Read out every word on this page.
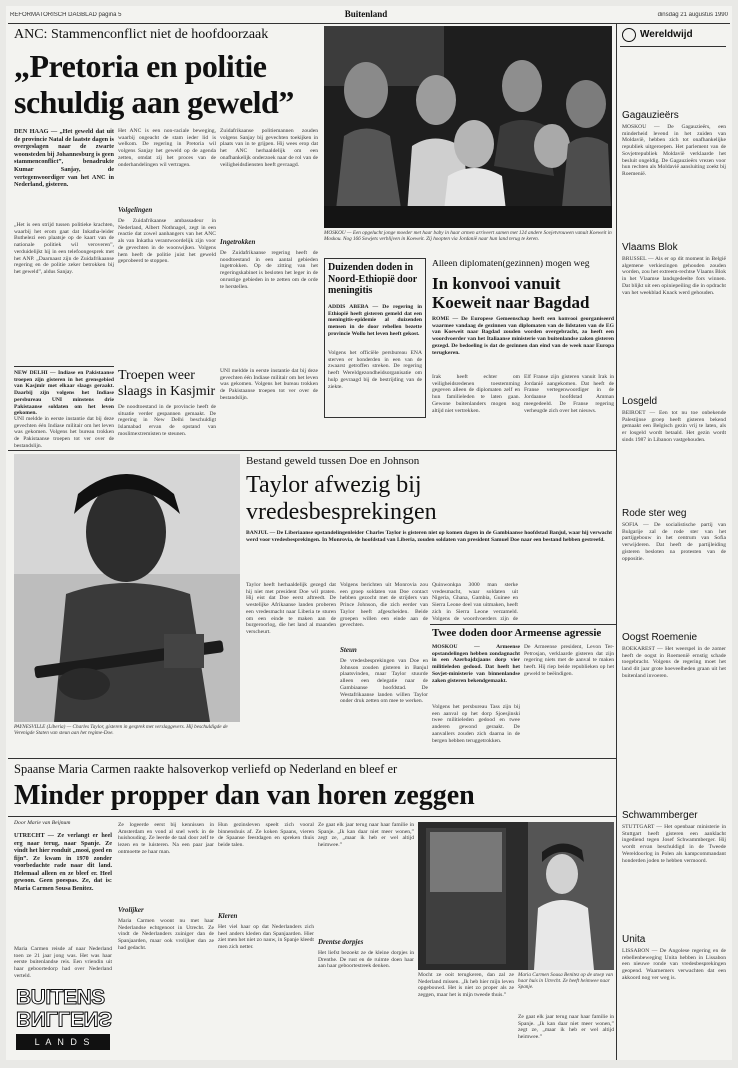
REFORMATORISCH DAGBLAD pagina 5	Buitenland	dinsdag 21 augustus 1990
ANC: Stammenconflict niet de hoofdoorzaak
„Pretoria en politie schuldig aan geweld”
DEN HAAG — „Het geweld dat uit de provincie Natal de laatste dagen is overgeslagen naar de zwarte woonsteden bij Johannesburg is geen stammenconflict”, benadrukte Kumar Sanjay, de vertegenwoordiger van het ANC in Nederland, gisteren.
„Het is een strijd tussen politieke krachten, waarbij het erom gaat dat Inkatha-leider Buthelezi een plaatsje op de kaart van de nationale politiek wil veroveren”, verduidelijkt hij in een telefoongesprek met het ANP. „Daarnaast zijn de Zuidafrikaanse regering en de politie zeker betrokken bij het geweld”, aldus Sanjay.
Het ANC is een non-raciale beweging, waarbij ongeacht de stam ieder lid is welkom. De regering in Pretoria wil volgens Sanjay het geweld op de agenda zetten, omdat zij het proces van de onderhandelingen wil vertragen.
Volgelingen
De Zuidafrikaanse ambassadeur in Nederland, Albert Nothnagel, zegt in een reactie dat zowel aanhangers van het ANC als van Inkatha verantwoordelijk zijn voor de gevechten in de woonwijken. Volgens hem heeft de politie juist het geweld geprobeerd te stoppen.
Zuidafrikaanse politiemannen zouden volgens Sanjay bij gevechten toekijken in plaats van in te grijpen. Hij wees erop dat het ANC herhaaldelijk om een onafhankelijk onderzoek naar de rol van de veiligheidsdiensten heeft gevraagd.
Ingetrokken
De Zuidafrikaanse regering heeft de noodtoestand in een aantal gebieden ingetrokken. Op de zitting van het regeringskabinet is besloten het leger in de onrustige gebieden in te zetten om de orde te herstellen.
NEW DELHI — Indiase en Pakistaanse troepen zijn gisteren in het grensgebied van Kasjmir met elkaar slaags geraakt. Daarbij zijn volgens het Indiase persbureau UNI minstens drie Pakistaanse soldaten om het leven gekomen.
UNI meldde in eerste instantie dat bij deze gevechten één Indiase militair om het leven was gekomen. Volgens het bureau trokken de Pakistaanse troepen tot ver over de bestandslijn.
Troepen weer slaags in Kasjmir
De noodtoestand in de provincie heeft de situatie verder gespannen gemaakt. De regering in New Delhi beschuldigt Islamabad ervan de opstand van moslimextremisten te steunen.
UNI meldde in eerste instantie dat bij deze gevechten één Indiase militair om het leven was gekomen. Volgens het bureau trokken de Pakistaanse troepen tot ver over de bestandslijn.
MOSKOU — Een opgelucht jonge moeder met haar baby in haar armen arriveert samen met 124 andere Sovjetvrouwen vanuit Koeweit in Moskou. Nog 166 Sowjets verblijven in Koeweit. Zij hoopten via Jordanië naar hun land terug te keren.
Duizenden doden in Noord-Ethiopië door meningitis
ADDIS ABEBA — De regering in Ethiopië heeft gisteren gemeld dat een meningitis-epidemie al duizenden mensen in de door rebellen bezette provincie Wollo het leven heeft gekost.
Volgens het officiële persbureau ENA sterven er honderden in een van de zwaarst getroffen streken. De regering heeft Wereldgezondheidsorganisatie om hulp gevraagd bij de bestrijding van de ziekte.
Alleen diplomaten(gezinnen) mogen weg
In konvooi vanuit Koeweit naar Bagdad
ROME — De Europese Gemeenschap heeft een konvooi georganiseerd waarmee vandaag de gezinnen van diplomaten van de lidstaten van de EG van Koeweit naar Bagdad zouden worden overgebracht, zo heeft een woordvoerder van het Italiaanse ministerie van buitenlandse zaken gisteren gezegd. De bedoeling is dat de gezinnen dan eind van de week naar Europa terugkeren.
Irak heeft echter om veiligheidsredenen toestemming gegeven alleen de diplomaten zelf en hun familieleden te laten gaan. Gewone buitenlanders mogen nog altijd niet vertrekken.
Elf Franse zijn gisteren vanuit Irak in Jordanië aangekomen. Dat heeft de Franse vertegenwoordiger in de Jordaanse hoofdstad Amman meegedeeld. De Franse regering verheugde zich over het nieuws.
Wereldwijd
Gagauzieërs
MOSKOU — De Gagauzieërs, een minderheid levend in het zuiden van Moldavië, hebben zich tot onafhankelijke republiek uitgeroepen. Het parlement van de Sovjetrepubliek Moldavië verklaarde het besluit ongeldig. De Gagauzieërs vrezen voor hun rechten als Moldavië aansluiting zoekt bij Roemenië.
Vlaams Blok
BRUSSEL — Als er op dit moment in België algemene verkiezingen gehouden zouden worden, zou het extreem-rechtse Vlaams Blok in het Vlaamse landsgedeelte fors winnen. Dat blijkt uit een opiniepeiling die in opdracht van het weekblad Knack werd gehouden.
Losgeld
BEIROET — Een tot nu toe onbekende Palestijnse groep heeft gisteren bekend gemaakt een Belgisch gezin vrij te laten, als er losgeld wordt betaald. Het gezin wordt sinds 1987 in Libanon vastgehouden.
Rode ster weg
SOFIA — De socialistische partij van Bulgarije zal de rode ster van het partijgebouw in het centrum van Sofia verwijderen. Dat heeft de partijleiding gisteren besloten na protesten van de oppositie.
Oogst Roemenie
BOEKAREST — Het weerspel in de zomer heeft de oogst in Roemenië ernstig schade toegebracht. Volgens de regering moet het land dit jaar grote hoeveelheden graan uit het buitenland invoeren.
Schwammberger
STUTTGART — Het openbaar ministerie in Stuttgart heeft gisteren een aanklacht ingediend tegen Josef Schwammberger. Hij wordt ervan beschuldigd in de Tweede Wereldoorlog in Polen als kampcommandant honderden joden te hebben vermoord.
Unita
LISSABON — De Angolese regering en de rebellenbeweging Unita hebben in Lissabon een nieuwe ronde van vredesbesprekingen geopend. Waarnemers verwachten dat een akkoord nog ver weg is.
PAYNESVILLE (Liberia) — Charles Taylor, gisteren in gesprek met verslaggevers. Hij beschuldigde de Verenigde Staten van steun aan het regime-Doe.
Bestand geweld tussen Doe en Johnson
Taylor afwezig bij vredesbesprekingen
BANJUL — De Liberiaanse opstandelingenleider Charles Taylor is gisteren niet op komen dagen in de Gambiaanse hoofdstad Banjul, waar hij verwacht werd voor vredesbesprekingen. In Monrovia, de hoofdstad van Liberia, zouden soldaten van president Samuel Doe naar een bestand hebben gestreefd.
Taylor heeft herhaaldelijk gezegd dat hij niet met president Doe wil praten. Hij eist dat Doe eerst aftreedt. De westelijke Afrikaanse landen proberen een vredesmacht naar Liberia te sturen om een einde te maken aan de burgeroorlog, die het land al maanden verscheurt.
Volgens berichten uit Monrovia zou een groep soldaten van Doe contact hebben gezocht met de strijders van Prince Johnson, die zich eerder van Taylor heeft afgescheiden. Beide groepen willen een einde aan de gevechten.
Steun
De vredesbesprekingen van Doe en Johnson zouden gisteren in Banjul plaatsvinden, maar Taylor stuurde alleen een delegatie naar de Gambiaanse hoofdstad. De Westafrikaanse landen willen Taylor onder druk zetten om mee te werken.
Quinwonkpa 3000 man sterke vredesmacht, waar soldaten uit Nigeria, Ghana, Gambia, Guinee en Sierra Leone deel van uitmaken, heeft zich in Sierra Leone verzameld. Volgens de woordvoerders zijn de
Twee doden door Armeense agressie
MOSKOU — Armeense opstandelingen hebben zondagnacht in een Azerbajdzjaans dorp vier militieleden gedood. Dat heeft het Sovjet-ministerie van binnenlandse zaken gisteren bekendgemaakt.
Volgens het persbureau Tass zijn bij een aanval op het dorp Sjoesjinski twee militieleden gedood en twee anderen gewond geraakt. De aanvallers zouden zich daarna in de bergen hebben teruggetrokken.
De Armeense president, Levon Ter-Petrosjan, verklaarde gisteren dat zijn regering niets met de aanval te maken heeft. Hij riep beide republieken op het geweld te beëindigen.
Spaanse Maria Carmen raakte halsoverkop verliefd op Nederland en bleef er
Minder propper dan van horen zeggen
Door Marie van Beijnum
UTRECHT — Ze verlangt er heel erg naar terug, naar Spanje. Ze vindt het hier ronduit „mooi, goed en fijn”. Ze kwam in 1970 zonder voorbedachte rade naar dit land. Helemaal alleen en ze bleef er. Heel gewoon. Geen poespas. Ze, dat is: Maria Carmen Sousa Benitez.
Maria Carmen reisde af naar Nederland toen ze 21 jaar jong was. Het was haar eerste buitenlandse reis. Een vriendin uit haar geboortedorp had over Nederland verteld.
BUITENS
BNLLENS
L A N D S
Ze logeerde eerst bij kennissen in Amsterdam en vond al snel werk in de huishouding. Ze leerde de taal door zelf te lezen en te luisteren. Na een paar jaar ontmoette ze haar man.
Vrolijker
Maria Carmen woont nu met haar Nederlandse echtgenoot in Utrecht. Ze vindt de Nederlanders zuiniger dan de Spanjaarden, maar ook vrolijker dan ze had gedacht.
Hun gezinsleven speelt zich vooral binnenshuis af. Ze koken Spaans, vieren de Spaanse feestdagen en spreken thuis beide talen.
Kleren
Het viel haar op dat Nederlanders zich heel anders kleden dan Spanjaarden. Hier ziet men het niet zo nauw, in Spanje kleedt men zich netter.
Ze gaat elk jaar terug naar haar familie in Spanje. „Ik kan daar niet meer wonen,” zegt ze, „maar ik heb er wel altijd heimwee.”
Drentse dorpjes
Het liefst bezoekt ze de kleine dorpjes in Drenthe. De rust en de ruimte doen haar aan haar geboortestreek denken.
Maria Carmen Sousa Benitez op de stoep van haar huis in Utrecht. Ze heeft heimwee naar Spanje.
Mocht ze ooit terugkeren, dan zal ze Nederland missen. „Ik heb hier mijn leven opgebouwd. Het is niet zo proper als ze zeggen, maar het is mijn tweede thuis.”
Ze gaat elk jaar terug naar haar familie in Spanje. „Ik kan daar niet meer wonen,” zegt ze, „maar ik heb er wel altijd heimwee.”
